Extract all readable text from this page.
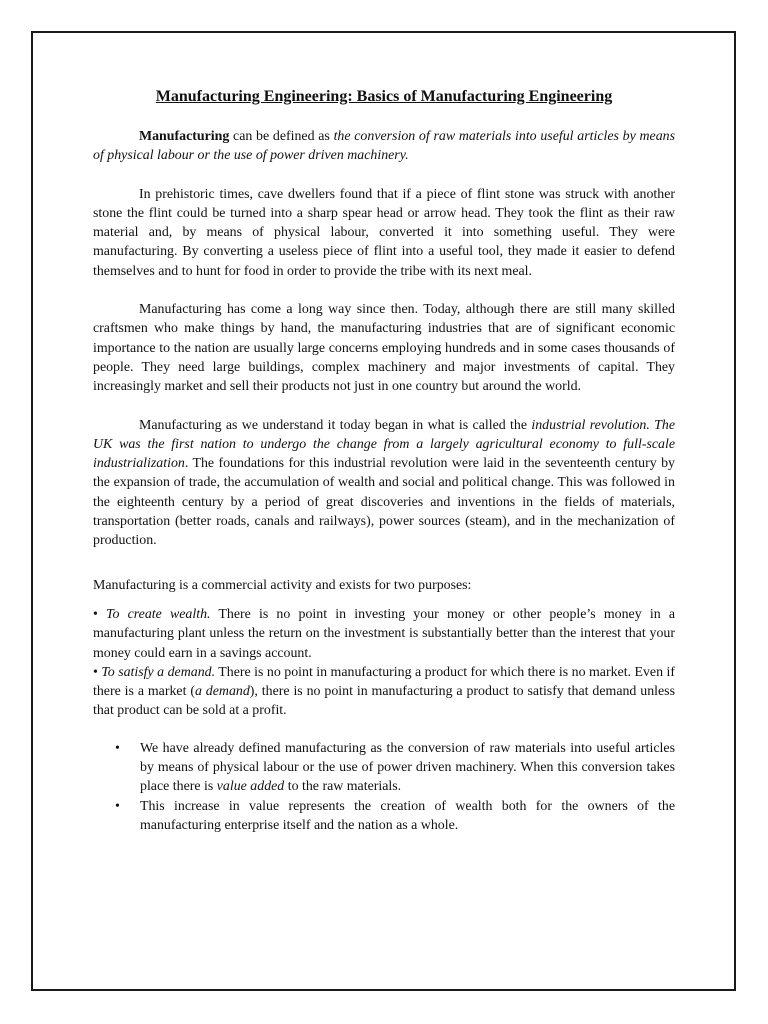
Manufacturing Engineering: Basics of Manufacturing Engineering

Manufacturing can be defined as the conversion of raw materials into useful articles by means of physical labour or the use of power driven machinery.

In prehistoric times, cave dwellers found that if a piece of flint stone was struck with another stone the flint could be turned into a sharp spear head or arrow head. They took the flint as their raw material and, by means of physical labour, converted it into something useful. They were manufacturing. By converting a useless piece of flint into a useful tool, they made it easier to defend themselves and to hunt for food in order to provide the tribe with its next meal.

Manufacturing has come a long way since then. Today, although there are still many skilled craftsmen who make things by hand, the manufacturing industries that are of significant economic importance to the nation are usually large concerns employing hundreds and in some cases thousands of people. They need large buildings, complex machinery and major investments of capital. They increasingly market and sell their products not just in one country but around the world.

Manufacturing as we understand it today began in what is called the industrial revolution. The UK was the first nation to undergo the change from a largely agricultural economy to full-scale industrialization. The foundations for this industrial revolution were laid in the seventeenth century by the expansion of trade, the accumulation of wealth and social and political change. This was followed in the eighteenth century by a period of great discoveries and inventions in the fields of materials, transportation (better roads, canals and railways), power sources (steam), and in the mechanization of production.

Manufacturing is a commercial activity and exists for two purposes:

• To create wealth. There is no point in investing your money or other people’s money in a manufacturing plant unless the return on the investment is substantially better than the interest that your money could earn in a savings account.

• To satisfy a demand. There is no point in manufacturing a product for which there is no market. Even if there is a market (a demand), there is no point in manufacturing a product to satisfy that demand unless that product can be sold at a profit.

• We have already defined manufacturing as the conversion of raw materials into useful articles by means of physical labour or the use of power driven machinery. When this conversion takes place there is value added to the raw materials.
• This increase in value represents the creation of wealth both for the owners of the manufacturing enterprise itself and the nation as a whole.
